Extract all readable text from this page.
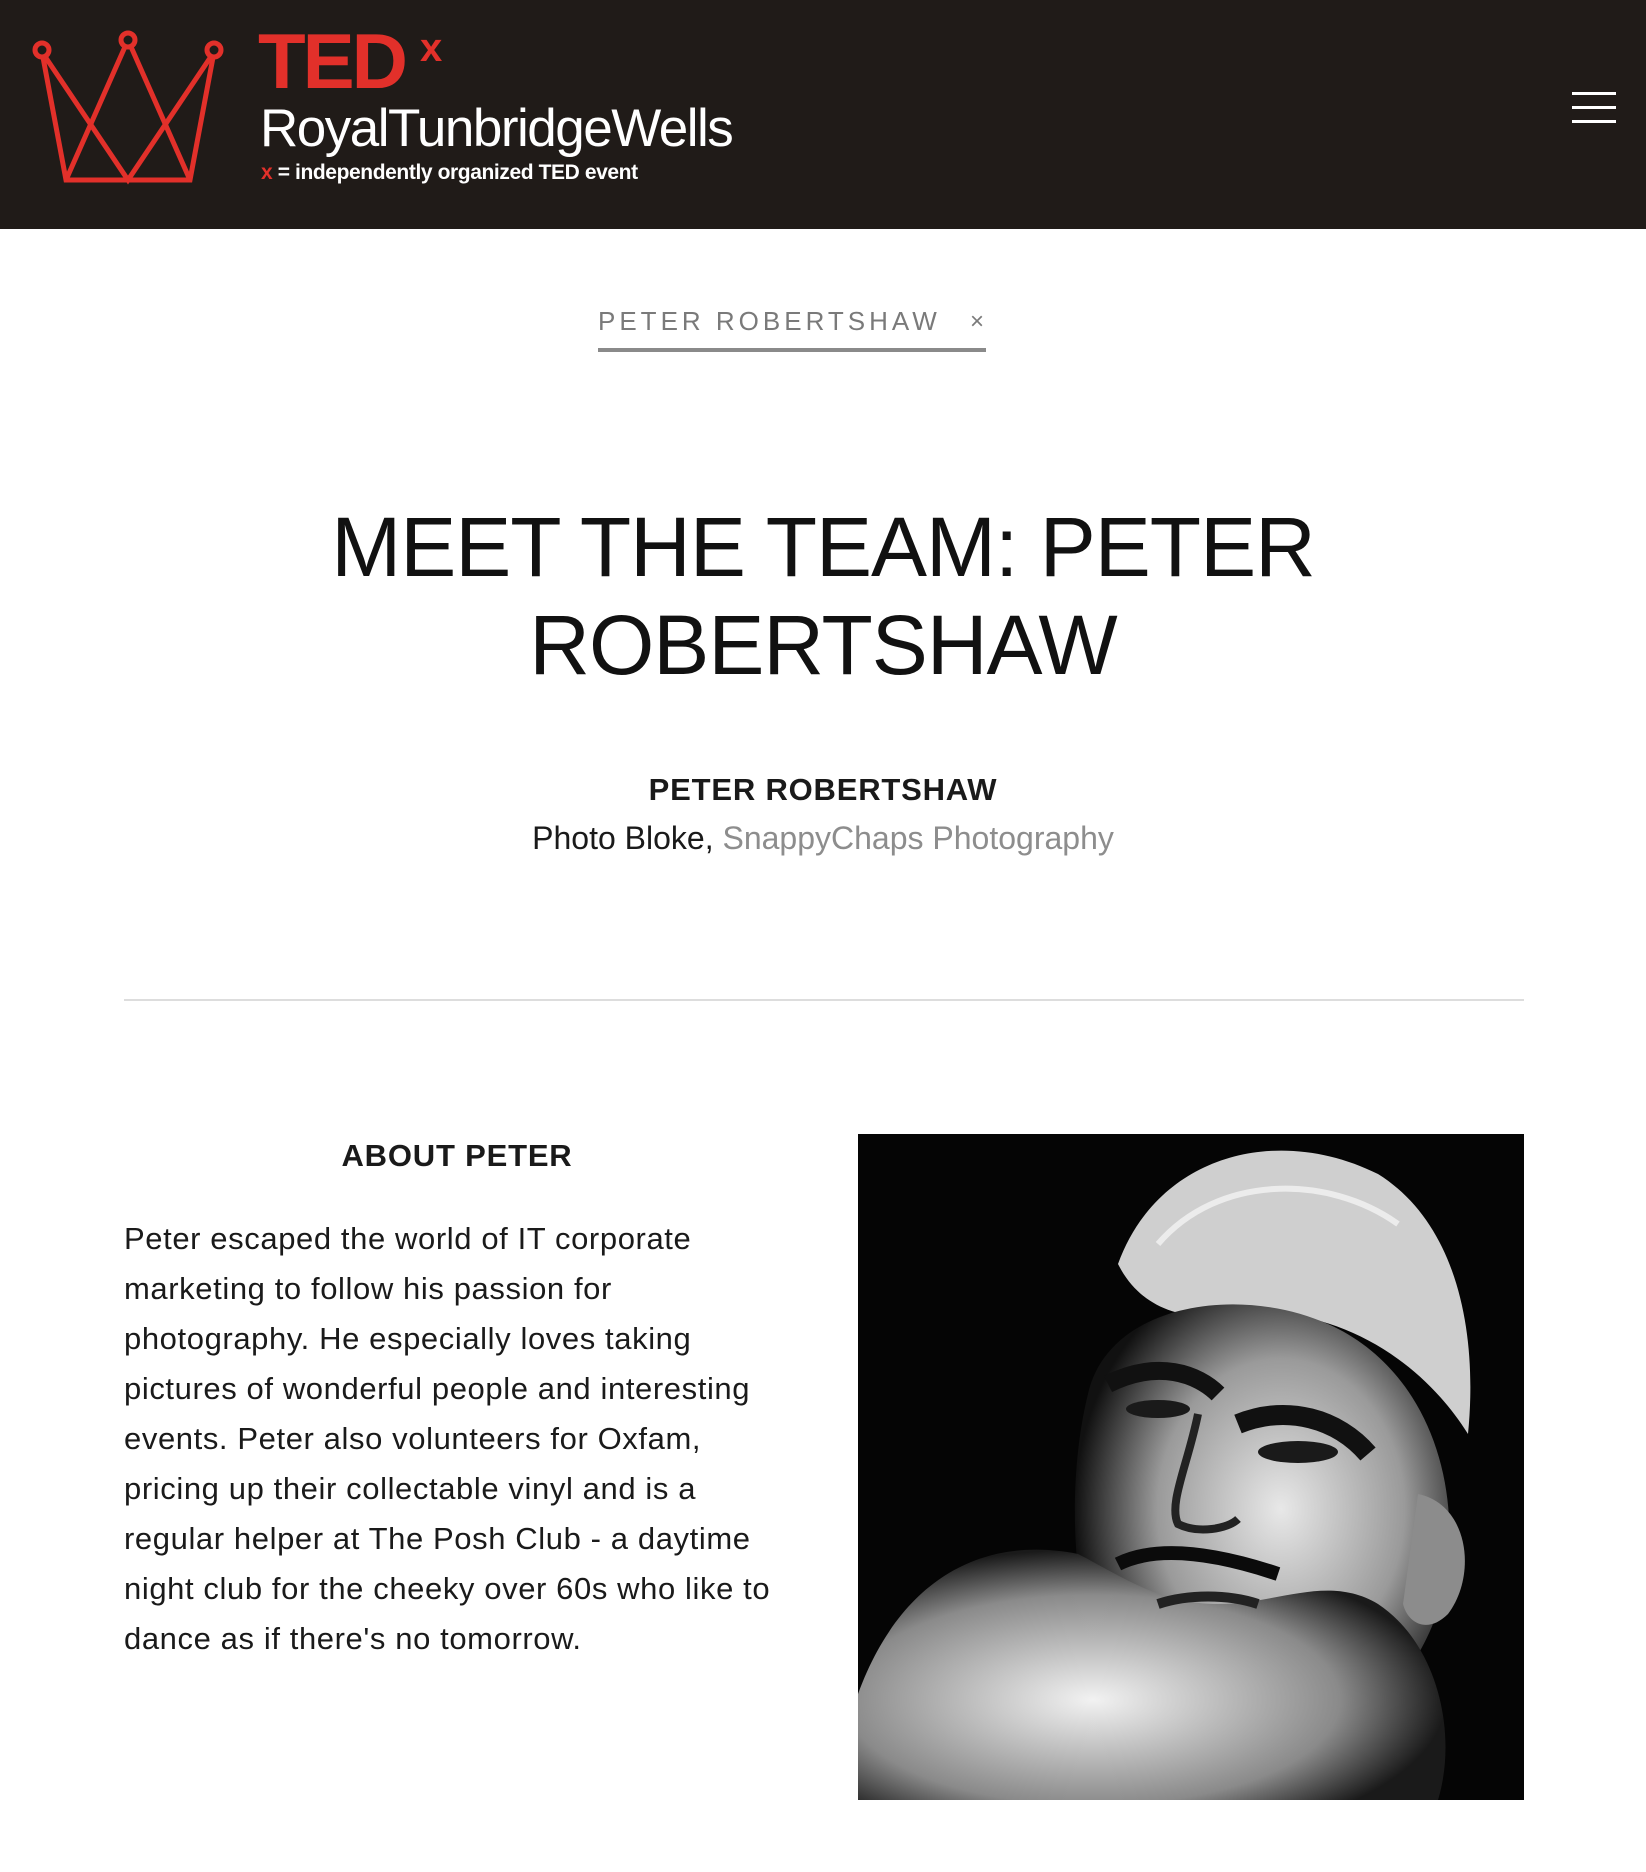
TED x
RoyalTunbridgeWells
x = independently organized TED event
PETER ROBERTSHAW ×
MEET THE TEAM: PETER ROBERTSHAW
PETER ROBERTSHAW
Photo Bloke, SnappyChaps Photography
ABOUT PETER

Peter escaped the world of IT corporate marketing to follow his passion for photography. He especially loves taking pictures of wonderful people and interesting events. Peter also volunteers for Oxfam, pricing up their collectable vinyl and is a regular helper at The Posh Club - a daytime night club for the cheeky over 60s who like to dance as if there's no tomorrow.
